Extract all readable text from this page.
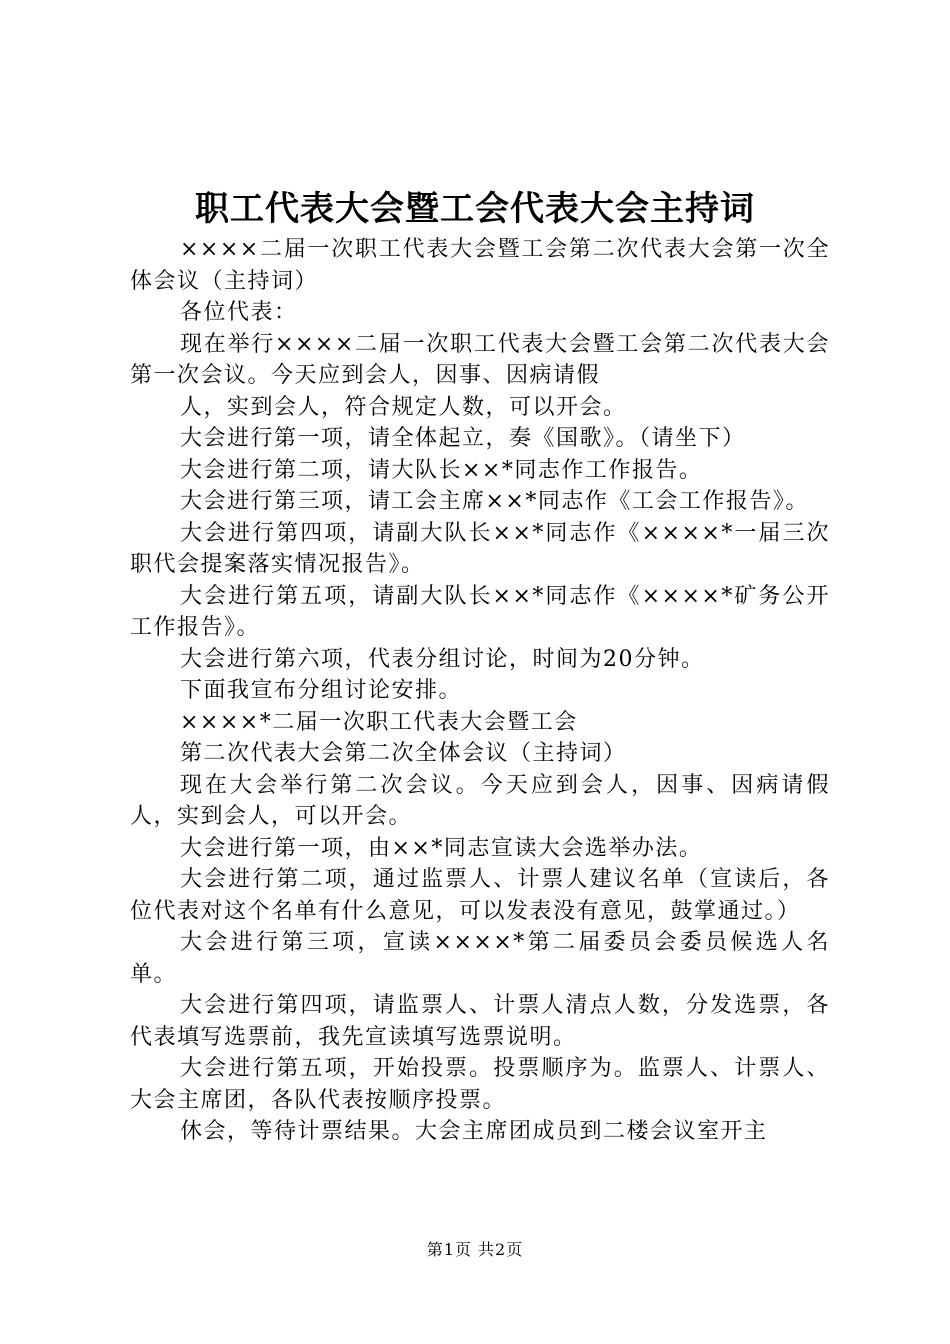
职工代表大会暨工会代表大会主持词

××××二届一次职工代表大会暨工会第二次代表大会第一次全体会议（主持词）

各位代表：

现在举行××××二届一次职工代表大会暨工会第二次代表大会第一次会议。今天应到会人，因事、因病请假

人，实到会人，符合规定人数，可以开会。

大会进行第一项，请全体起立，奏《国歌》。（请坐下）

大会进行第二项，请大队长××*同志作工作报告。

大会进行第三项，请工会主席××*同志作《工会工作报告》。

大会进行第四项，请副大队长××*同志作《××××*一届三次职代会提案落实情况报告》。

大会进行第五项，请副大队长××*同志作《××××*矿务公开工作报告》。

大会进行第六项，代表分组讨论，时间为20分钟。

下面我宣布分组讨论安排。

××××*二届一次职工代表大会暨工会

第二次代表大会第二次全体会议（主持词）

现在大会举行第二次会议。今天应到会人，因事、因病请假人，实到会人，可以开会。

大会进行第一项，由××*同志宣读大会选举办法。

大会进行第二项，通过监票人、计票人建议名单（宣读后，各位代表对这个名单有什么意见，可以发表没有意见，鼓掌通过。）

大会进行第三项，宣读××××*第二届委员会委员候选人名单。

大会进行第四项，请监票人、计票人清点人数，分发选票，各代表填写选票前，我先宣读填写选票说明。

大会进行第五项，开始投票。投票顺序为。监票人、计票人、大会主席团，各队代表按顺序投票。

休会，等待计票结果。大会主席团成员到二楼会议室开主

第1页 共2页
